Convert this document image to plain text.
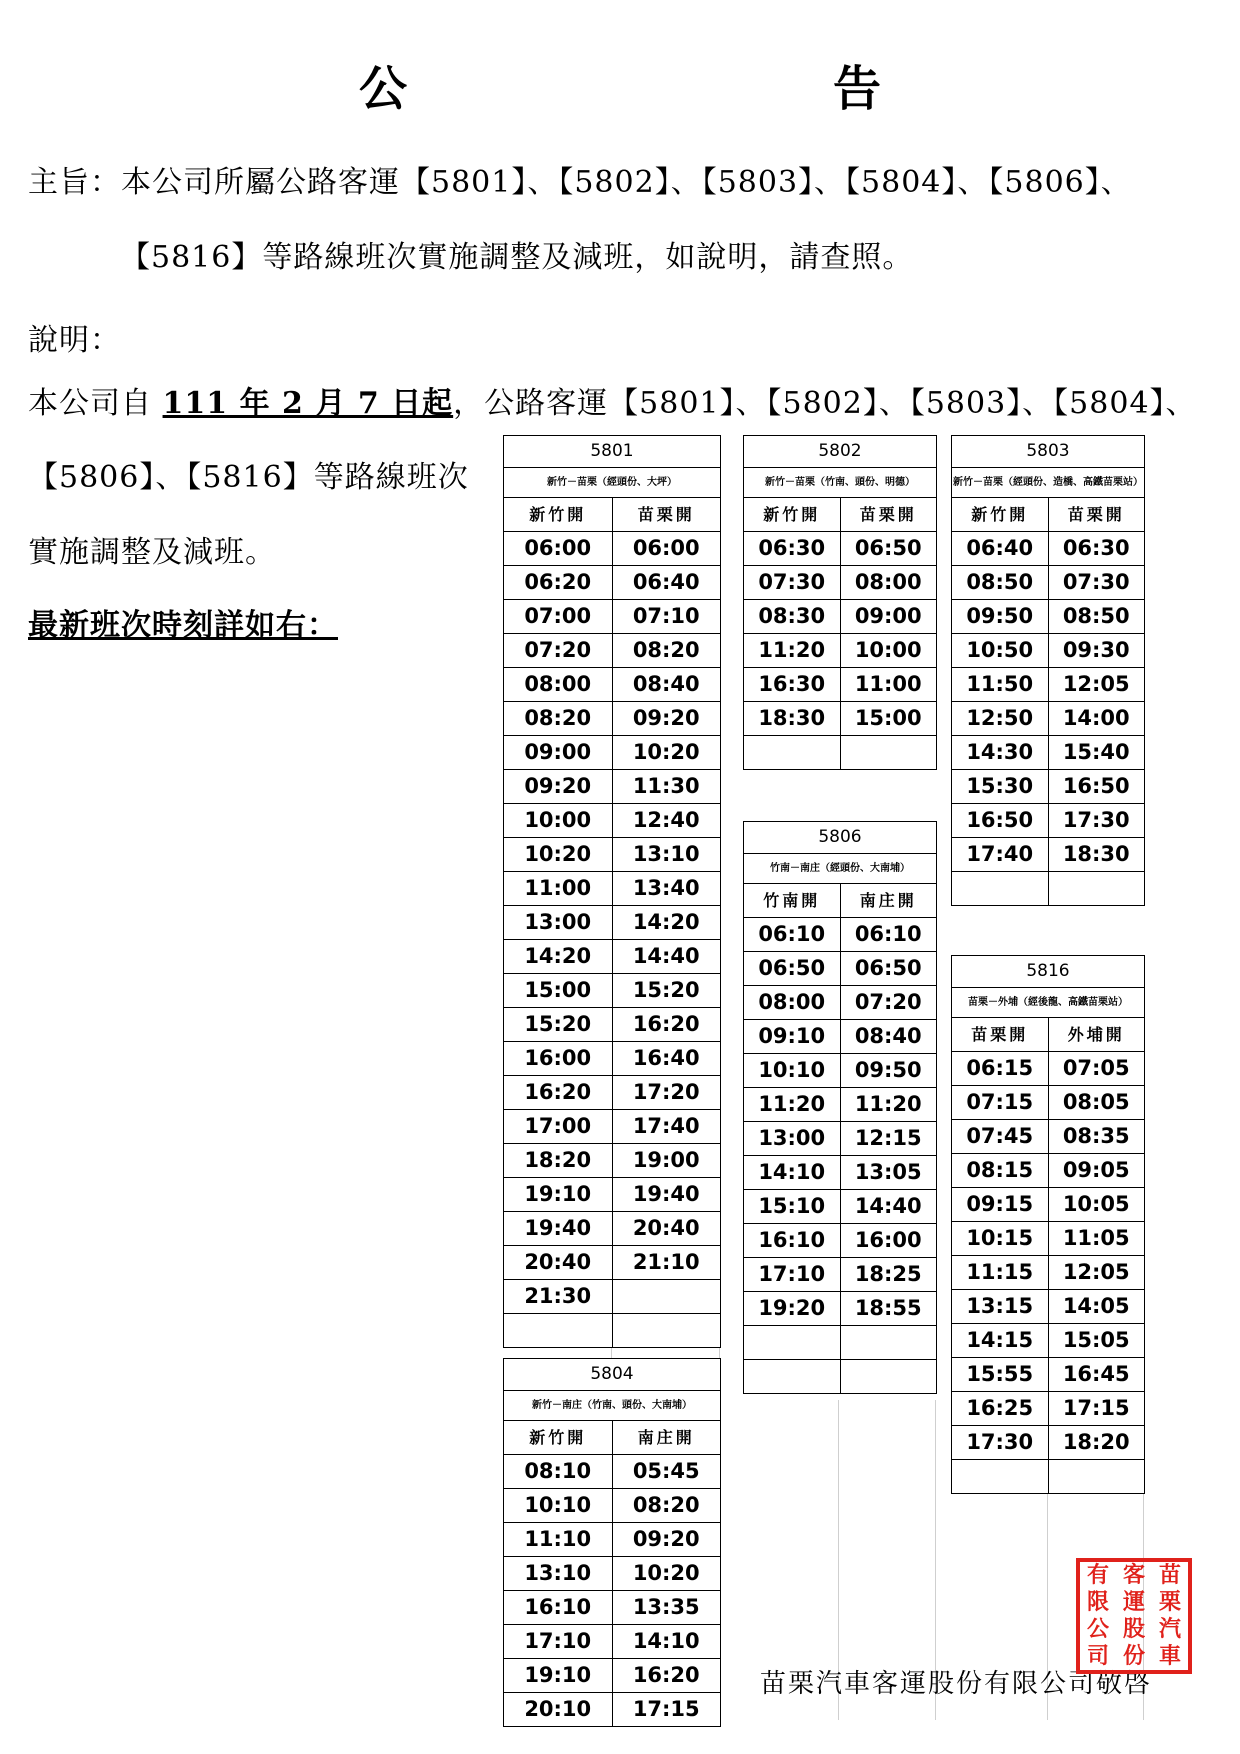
公　　告
主旨：本公司所屬公路客運【5801】、【5802】、【5803】、【5804】、【5806】、
【5816】等路線班次實施調整及減班，如說明，請查照。
說明：
本公司自 111 年 2 月 7 日起，公路客運【5801】、【5802】、【5803】、【5804】、
【5806】、【5816】等路線班次
實施調整及減班。
最新班次時刻詳如右：
5801
新竹－苗栗（經頭份、大坪）
新竹開	苗栗開
06:00	06:00
06:20	06:40
07:00	07:10
07:20	08:20
08:00	08:40
08:20	09:20
09:00	10:20
09:20	11:30
10:00	12:40
10:20	13:10
11:00	13:40
13:00	14:20
14:20	14:40
15:00	15:20
15:20	16:20
16:00	16:40
16:20	17:20
17:00	17:40
18:20	19:00
19:10	19:40
19:40	20:40
20:40	21:10
21:30
5802
新竹－苗栗（竹南、頭份、明德）
新竹開	苗栗開
06:30	06:50
07:30	08:00
08:30	09:00
11:20	10:00
16:30	11:00
18:30	15:00
5803
新竹－苗栗（經頭份、造橋、高鐵苗栗站）
新竹開	苗栗開
06:40	06:30
08:50	07:30
09:50	08:50
10:50	09:30
11:50	12:05
12:50	14:00
14:30	15:40
15:30	16:50
16:50	17:30
17:40	18:30
5806
竹南－南庄（經頭份、大南埔）
竹南開	南庄開
06:10	06:10
06:50	06:50
08:00	07:20
09:10	08:40
10:10	09:50
11:20	11:20
13:00	12:15
14:10	13:05
15:10	14:40
16:10	16:00
17:10	18:25
19:20	18:55
5816
苗栗－外埔（經後龍、高鐵苗栗站）
苗栗開	外埔開
06:15	07:05
07:15	08:05
07:45	08:35
08:15	09:05
09:15	10:05
10:15	11:05
11:15	12:05
13:15	14:05
14:15	15:05
15:55	16:45
16:25	17:15
17:30	18:20
5804
新竹－南庄（竹南、頭份、大南埔）
新竹開	南庄開
08:10	05:45
10:10	08:20
11:10	09:20
13:10	10:20
16:10	13:35
17:10	14:10
19:10	16:20
20:10	17:15
苗栗汽車客運股份有限公司敬啓
有 客 苗
限 運 栗
公 股 汽
司 份 車
